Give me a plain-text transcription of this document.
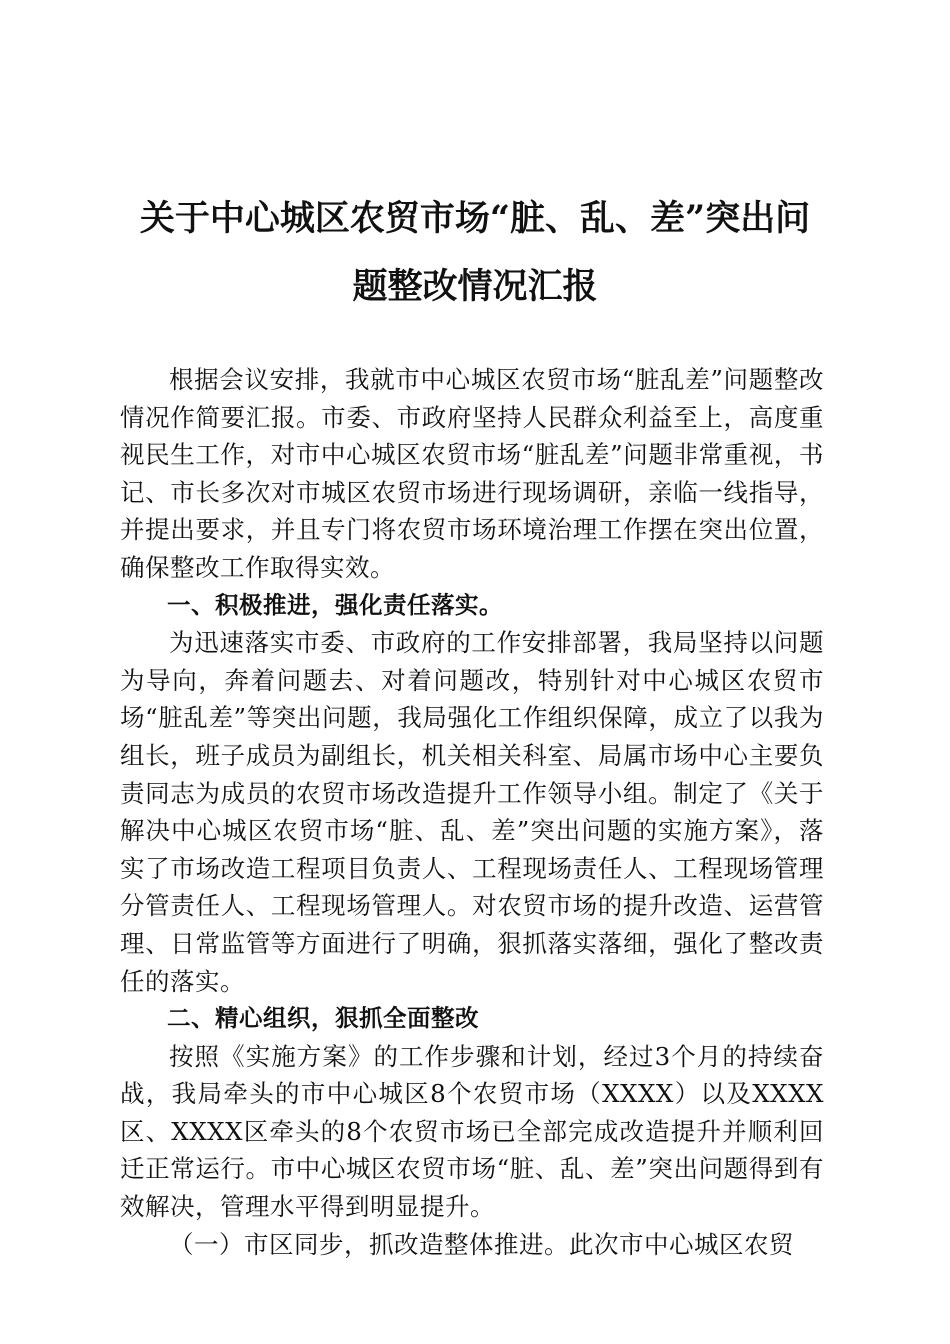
关于中心城区农贸市场“脏、乱、差”突出问
题整改情况汇报

根据会议安排，我就市中心城区农贸市场“脏乱差”问题整改情况作简要汇报。市委、市政府坚持人民群众利益至上，高度重视民生工作，对市中心城区农贸市场“脏乱差”问题非常重视，书记、市长多次对市城区农贸市场进行现场调研，亲临一线指导，并提出要求，并且专门将农贸市场环境治理工作摆在突出位置，确保整改工作取得实效。

一、积极推进，强化责任落实。

为迅速落实市委、市政府的工作安排部署，我局坚持以问题为导向，奔着问题去、对着问题改，特别针对中心城区农贸市场“脏乱差”等突出问题，我局强化工作组织保障，成立了以我为组长，班子成员为副组长，机关相关科室、局属市场中心主要负责同志为成员的农贸市场改造提升工作领导小组。制定了《关于解决中心城区农贸市场“脏、乱、差”突出问题的实施方案》，落实了市场改造工程项目负责人、工程现场责任人、工程现场管理分管责任人、工程现场管理人。对农贸市场的提升改造、运营管理、日常监管等方面进行了明确，狠抓落实落细，强化了整改责任的落实。

二、精心组织，狠抓全面整改

按照《实施方案》的工作步骤和计划，经过3个月的持续奋战，我局牵头的市中心城区8个农贸市场（XXXX）以及XXXX区、XXXX区牵头的8个农贸市场已全部完成改造提升并顺利回迁正常运行。市中心城区农贸市场“脏、乱、差”突出问题得到有效解决，管理水平得到明显提升。

（一）市区同步，抓改造整体推进。此次市中心城区农贸
